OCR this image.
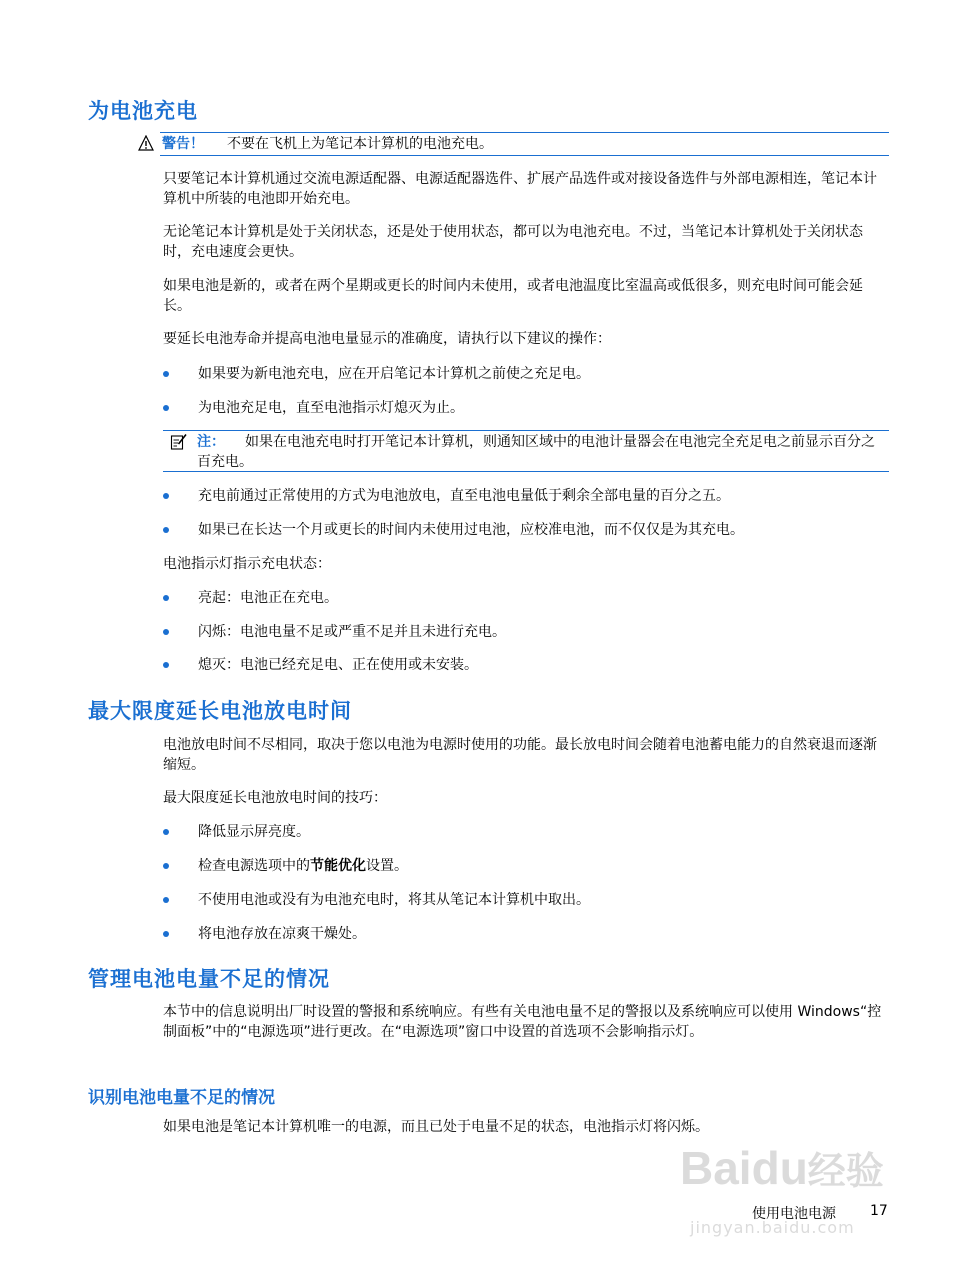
为电池充电
警告！ 不要在飞机上为笔记本计算机的电池充电。

只要笔记本计算机通过交流电源适配器、电源适配器选件、扩展产品选件或对接设备选件与外部电源相连，笔记本计算机中所装的电池即开始充电。

无论笔记本计算机是处于关闭状态，还是处于使用状态，都可以为电池充电。不过，当笔记本计算机处于关闭状态时，充电速度会更快。

如果电池是新的，或者在两个星期或更长的时间内未使用，或者电池温度比室温高或低很多，则充电时间可能会延长。

要延长电池寿命并提高电池电量显示的准确度，请执行以下建议的操作：

如果要为新电池充电，应在开启笔记本计算机之前使之充足电。
为电池充足电，直至电池指示灯熄灭为止。
注：	如果在电池充电时打开笔记本计算机，则通知区域中的电池计量器会在电池完全充足电之前显示百分之百充电。
充电前通过正常使用的方式为电池放电，直至电池电量低于剩余全部电量的百分之五。
如果已在长达一个月或更长的时间内未使用过电池，应校准电池，而不仅仅是为其充电。

电池指示灯指示充电状态：

亮起：电池正在充电。
闪烁：电池电量不足或严重不足并且未进行充电。
熄灭：电池已经充足电、正在使用或未安装。
最大限度延长电池放电时间

电池放电时间不尽相同，取决于您以电池为电源时使用的功能。最长放电时间会随着电池蓄电能力的自然衰退而逐渐缩短。

最大限度延长电池放电时间的技巧：

降低显示屏亮度。
检查电源选项中的节能优化设置。
不使用电池或没有为电池充电时，将其从笔记本计算机中取出。
将电池存放在凉爽干燥处。
管理电池电量不足的情况

本节中的信息说明出厂时设置的警报和系统响应。有些有关电池电量不足的警报以及系统响应可以使用 Windows“控制面板”中的“电源选项”进行更改。在“电源选项”窗口中设置的首选项不会影响指示灯。

识别电池电量不足的情况

如果电池是笔记本计算机唯一的电源，而且已处于电量不足的状态，电池指示灯将闪烁。

Baidu经验
jingyan.baidu.com
使用电池电源 17
